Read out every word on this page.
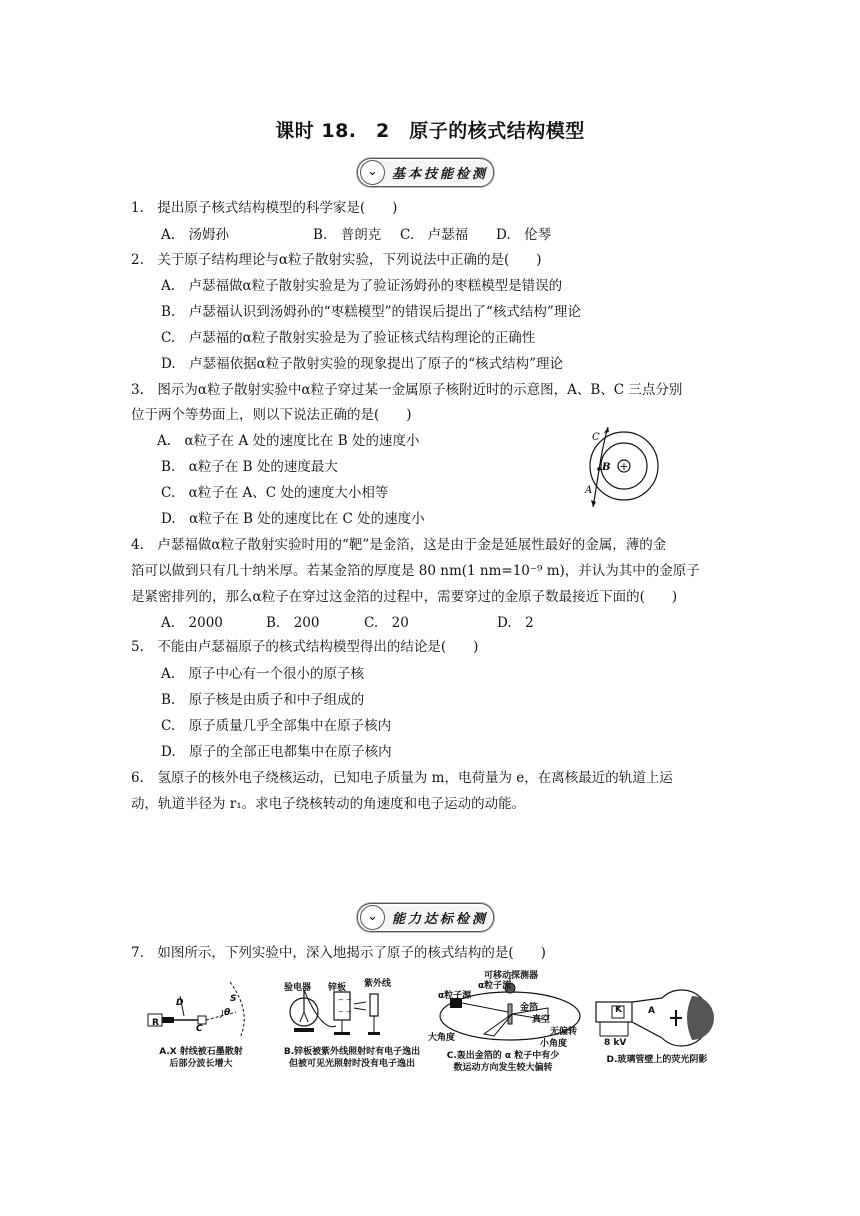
课时 18.　2　原子的核式结构模型
⌄	基本技能检测
1.　提出原子核式结构模型的科学家是(　　)
A.　汤姆孙	B.　普朗克 C.　卢瑟福 D.　伦琴
2.　关于原子结构理论与α粒子散射实验，下列说法中正确的是(　　)
A.　卢瑟福做α粒子散射实验是为了验证汤姆孙的枣糕模型是错误的
B.　卢瑟福认识到汤姆孙的“枣糕模型”的错误后提出了“核式结构”理论
C.　卢瑟福的α粒子散射实验是为了验证核式结构理论的正确性
D.　卢瑟福依据α粒子散射实验的现象提出了原子的“核式结构”理论
3.　图示为α粒子散射实验中α粒子穿过某一金属原子核附近时的示意图，A、B、C 三点分别
位于两个等势面上，则以下说法正确的是(　　)
A.　α粒子在 A 处的速度比在 B 处的速度小
B.　α粒子在 B 处的速度最大
C.　α粒子在 A、C 处的速度大小相等
D.　α粒子在 B 处的速度比在 C 处的速度小
+
C
B
A
4.　卢瑟福做α粒子散射实验时用的“靶”是金箔，这是由于金是延展性最好的金属，薄的金
箔可以做到只有几十纳米厚。若某金箔的厚度是 80 nm(1 nm=10⁻⁹ m)，并认为其中的金原子
是紧密排列的，那么α粒子在穿过这金箔的过程中，需要穿过的金原子数最接近下面的(　　)
A.　2000	B.　200	C.　20	D.　2
5.　不能由卢瑟福原子的核式结构模型得出的结论是(　　)
A.　原子中心有一个很小的原子核
B.　原子核是由质子和中子组成的
C.　原子质量几乎全部集中在原子核内
D.　原子的全部正电都集中在原子核内
6.　氢原子的核外电子绕核运动，已知电子质量为 m，电荷量为 e，在离核最近的轨道上运
动，轨道半径为 r₁。求电子绕核转动的角速度和电子运动的动能。
⌄	能力达标检测
7.　如图所示，下列实验中，深入地揭示了原子的核式结构的是(　　)
D	S
R
C
θ
A.X 射线被石墨散射
后部分波长增大
− −
− −
验电器 锌板 紫外线
B.锌板被紫外线照射时有电子逸出
但被可见光照射时没有电子逸出
可移动探测器
α粒子源
α粒子流
金箔
真空
大角度
无偏转
小角度
C.轰出金箔的 α 粒子中有少
数运动方向发生较大偏转
K	A
8 kV
D.玻璃管壁上的荧光阴影
